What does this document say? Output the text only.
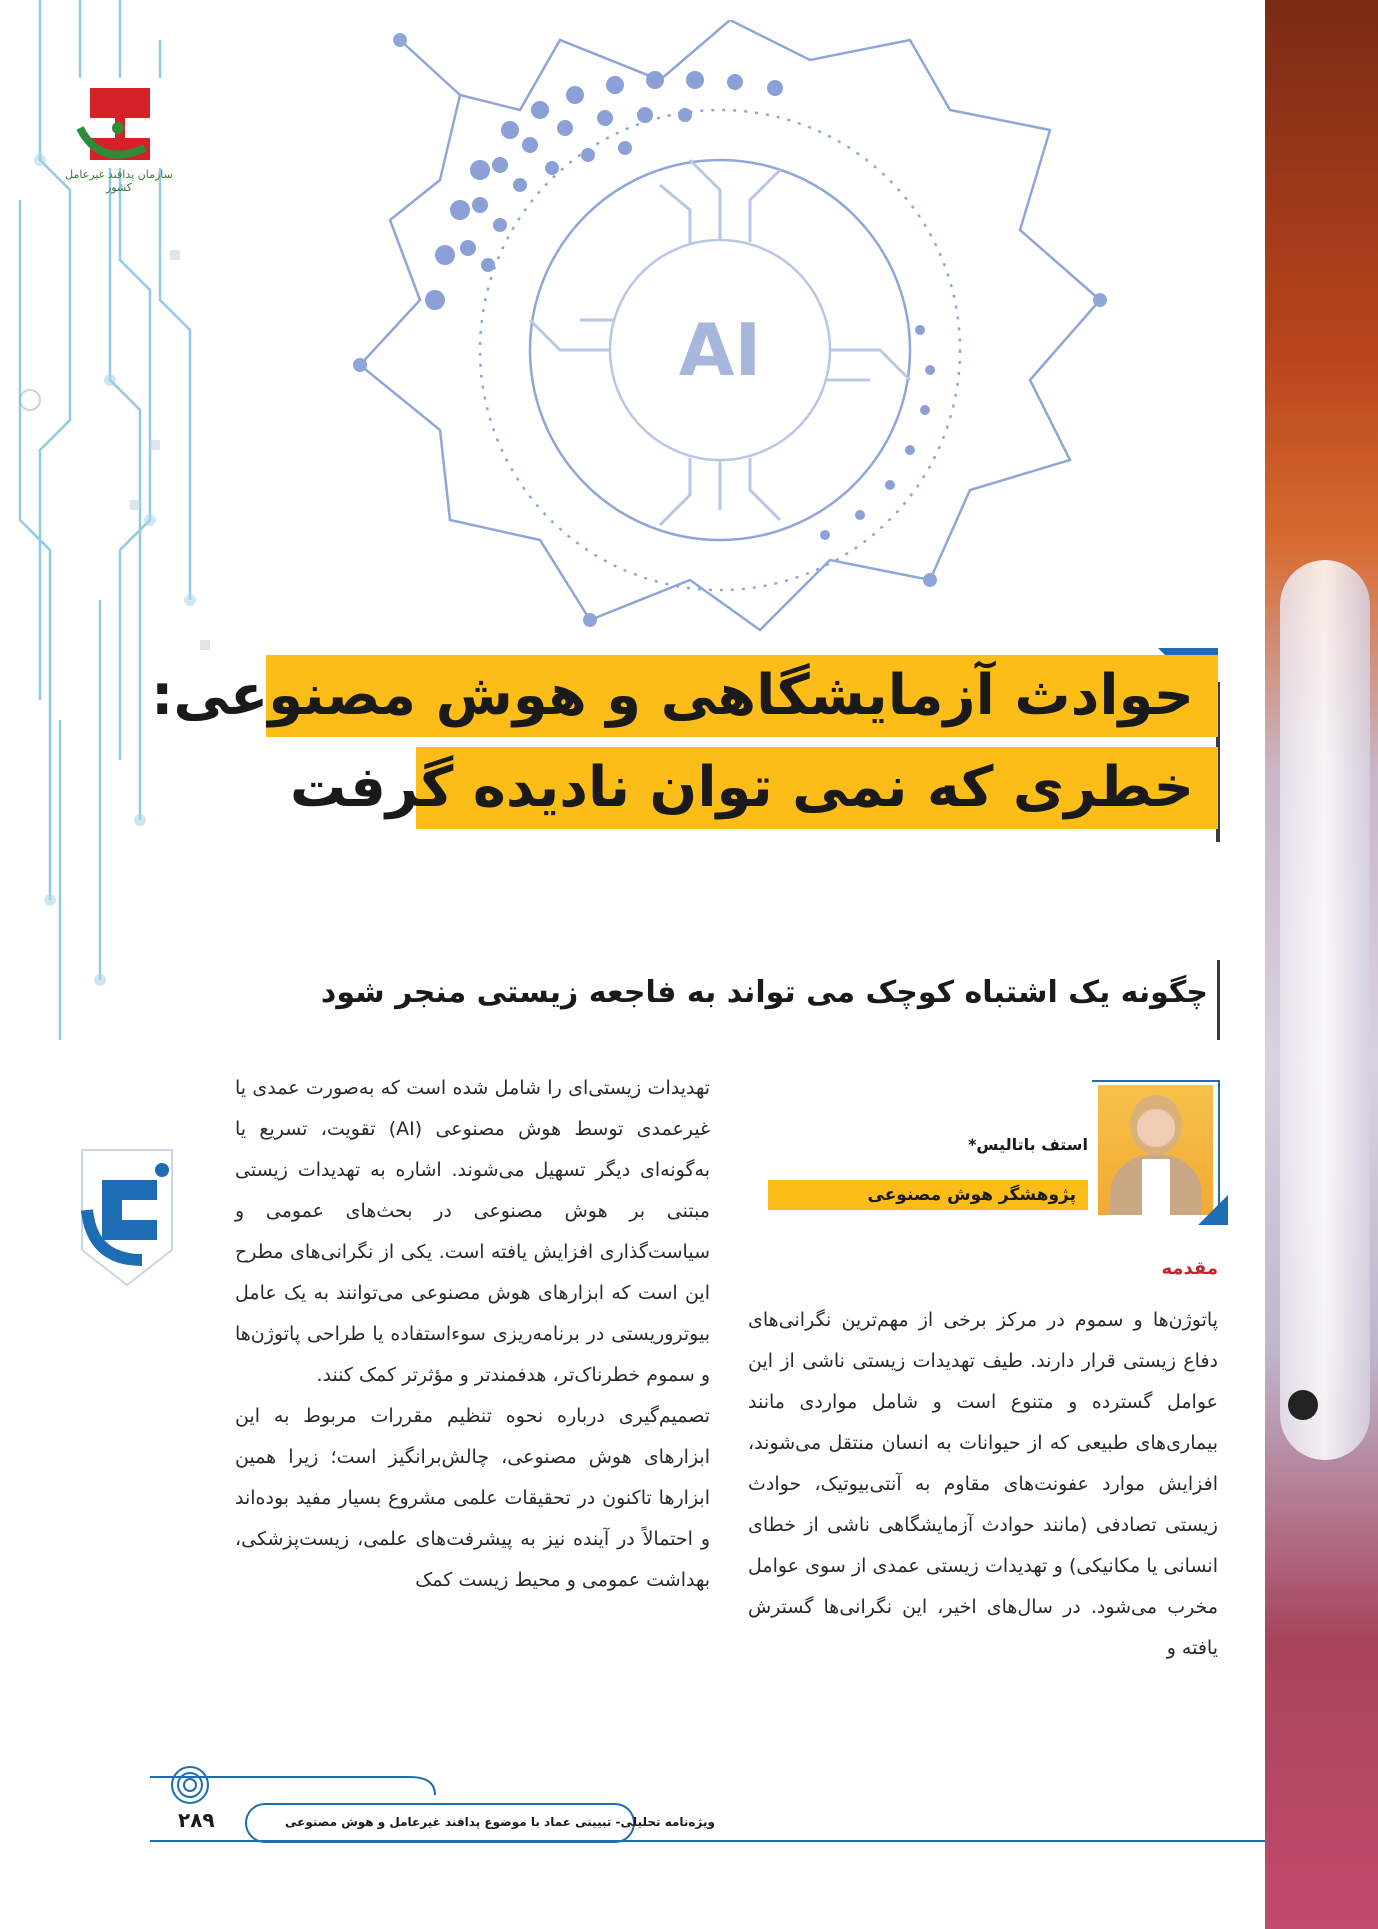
سازمان پدافند غیرعامل کشور
AI
حوادث آزمایشگاهی و هوش مصنوعی:
خطری که نمی توان نادیده گرفت
چگونه یک اشتباه کوچک می تواند به فاجعه زیستی منجر شود
استف باتالیس*
پژوهشگر هوش مصنوعی
مقدمه

پاتوژن‌ها و سموم در مرکز برخی از مهم‌ترین نگرانی‌های دفاع زیستی قرار دارند. طیف تهدیدات زیستی ناشی از این عوامل گسترده و متنوع است و شامل مواردی مانند بیماری‌های طبیعی که از حیوانات به انسان منتقل می‌شوند، افزایش موارد عفونت‌های مقاوم به آنتی‌بیوتیک، حوادث زیستی تصادفی (مانند حوادث آزمایشگاهی ناشی از خطای انسانی یا مکانیکی) و تهدیدات زیستی عمدی از سوی عوامل مخرب می‌شود. در سال‌های اخیر، این نگرانی‌ها گسترش یافته و

تهدیدات زیستی‌ای را شامل شده است که به‌صورت عمدی یا غیرعمدی توسط هوش مصنوعی (AI) تقویت، تسریع یا به‌گونه‌ای دیگر تسهیل می‌شوند. اشاره به تهدیدات زیستی مبتنی بر هوش مصنوعی در بحث‌های عمومی و سیاست‌گذاری افزایش یافته است. یکی از نگرانی‌های مطرح این است که ابزارهای هوش مصنوعی می‌توانند به یک عامل بیوتروریستی در برنامه‌ریزی سوءاستفاده یا طراحی پاتوژن‌ها و سموم خطرناک‌تر، هدفمندتر و مؤثرتر کمک کنند.

تصمیم‌گیری درباره نحوه تنظیم مقررات مربوط به این ابزارهای هوش مصنوعی، چالش‌برانگیز است؛ زیرا همین ابزارها تاکنون در تحقیقات علمی مشروع بسیار مفید بوده‌اند و احتمالاً در آینده نیز به پیشرفت‌های علمی، زیست‌پزشکی، بهداشت عمومی و محیط زیست کمک

ویژه‌نامه تحلیلی- تبیینی عماد با موضوع پدافند غیرعامل و هوش مصنوعی
۲۸۹
